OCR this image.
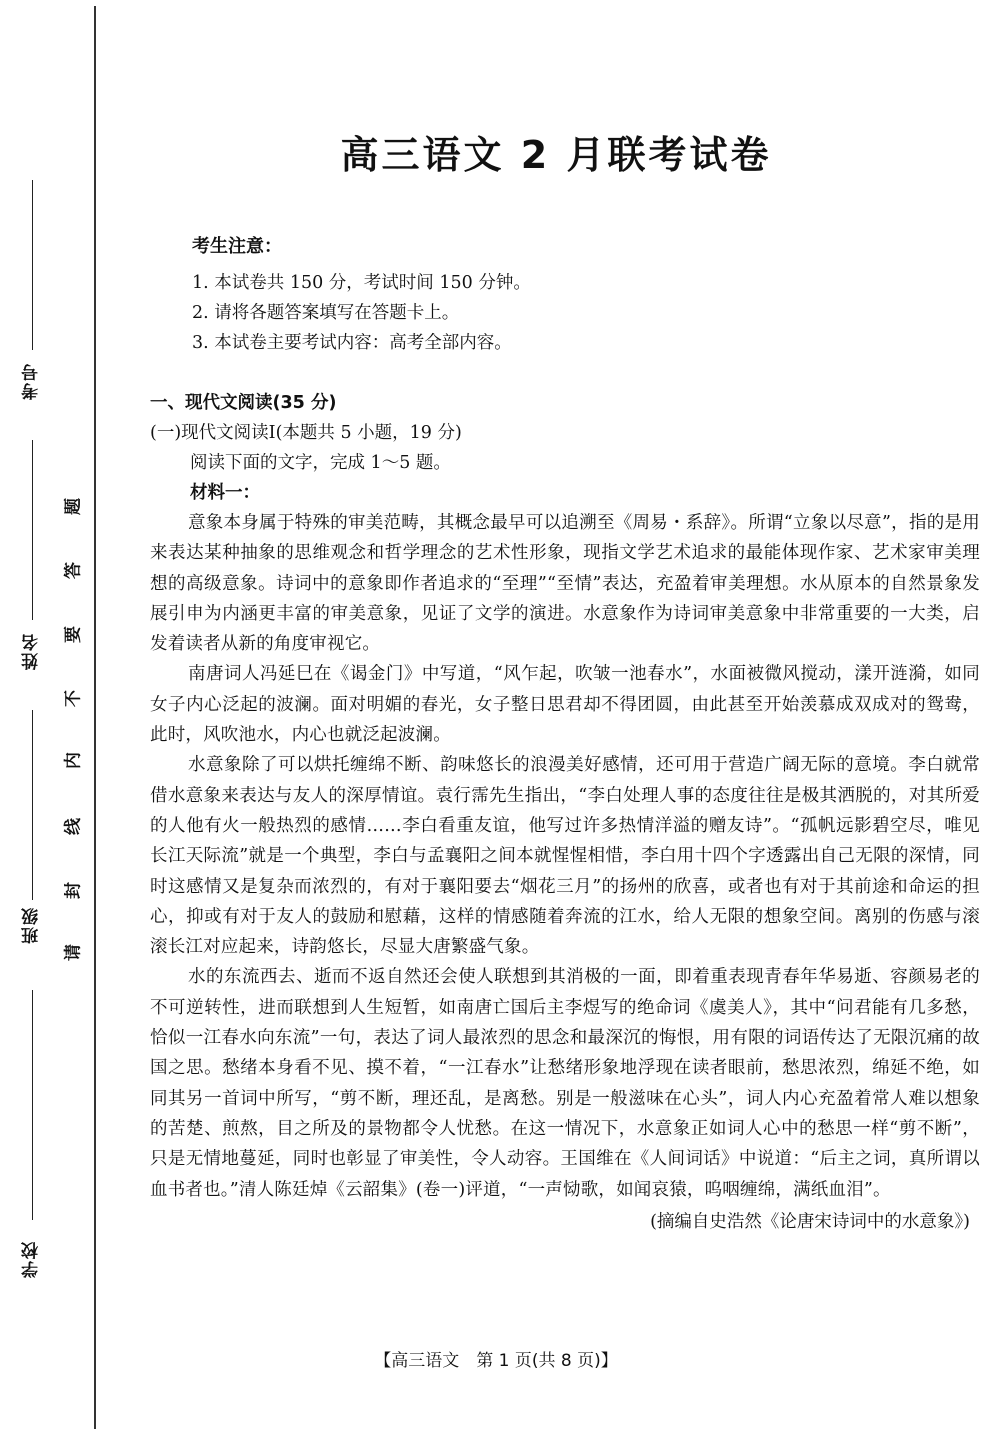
考号
姓名
班级
学校
请
封
线
内
不
要
答
题
高三语文 2 月联考试卷
考生注意：
1. 本试卷共 150 分，考试时间 150 分钟。
2. 请将各题答案填写在答题卡上。
3. 本试卷主要考试内容：高考全部内容。
一、现代文阅读(35 分)
(一)现代文阅读Ⅰ(本题共 5 小题，19 分)
阅读下面的文字，完成 1～5 题。
材料一：
意象本身属于特殊的审美范畴，其概念最早可以追溯至《周易・系辞》。所谓“立象以尽意”，指的是用来表达某种抽象的思维观念和哲学理念的艺术性形象，现指文学艺术追求的最能体现作家、艺术家审美理想的高级意象。诗词中的意象即作者追求的“至理”“至情”表达，充盈着审美理想。水从原本的自然景象发展引申为内涵更丰富的审美意象，见证了文学的演进。水意象作为诗词审美意象中非常重要的一大类，启发着读者从新的角度审视它。
南唐词人冯延巳在《谒金门》中写道，“风乍起，吹皱一池春水”，水面被微风搅动，漾开涟漪，如同女子内心泛起的波澜。面对明媚的春光，女子整日思君却不得团圆，由此甚至开始羡慕成双成对的鸳鸯，此时，风吹池水，内心也就泛起波澜。
水意象除了可以烘托缠绵不断、韵味悠长的浪漫美好感情，还可用于营造广阔无际的意境。李白就常借水意象来表达与友人的深厚情谊。袁行霈先生指出，“李白处理人事的态度往往是极其洒脱的，对其所爱的人他有火一般热烈的感情……李白看重友谊，他写过许多热情洋溢的赠友诗”。“孤帆远影碧空尽，唯见长江天际流”就是一个典型，李白与孟襄阳之间本就惺惺相惜，李白用十四个字透露出自己无限的深情，同时这感情又是复杂而浓烈的，有对于襄阳要去“烟花三月”的扬州的欣喜，或者也有对于其前途和命运的担心，抑或有对于友人的鼓励和慰藉，这样的情感随着奔流的江水，给人无限的想象空间。离别的伤感与滚滚长江对应起来，诗韵悠长，尽显大唐繁盛气象。
水的东流西去、逝而不返自然还会使人联想到其消极的一面，即着重表现青春年华易逝、容颜易老的不可逆转性，进而联想到人生短暂，如南唐亡国后主李煜写的绝命词《虞美人》，其中“问君能有几多愁，恰似一江春水向东流”一句，表达了词人最浓烈的思念和最深沉的悔恨，用有限的词语传达了无限沉痛的故国之思。愁绪本身看不见、摸不着，“一江春水”让愁绪形象地浮现在读者眼前，愁思浓烈，绵延不绝，如同其另一首词中所写，“剪不断，理还乱，是离愁。别是一般滋味在心头”，词人内心充盈着常人难以想象的苦楚、煎熬，目之所及的景物都令人忧愁。在这一情况下，水意象正如词人心中的愁思一样“剪不断”，只是无情地蔓延，同时也彰显了审美性，令人动容。王国维在《人间词话》中说道：“后主之词，真所谓以血书者也。”清人陈廷焯《云韶集》(卷一)评道，“一声恸歌，如闻哀猿，呜咽缠绵，满纸血泪”。
(摘编自史浩然《论唐宋诗词中的水意象》)
【高三语文　第 1 页(共 8 页)】
